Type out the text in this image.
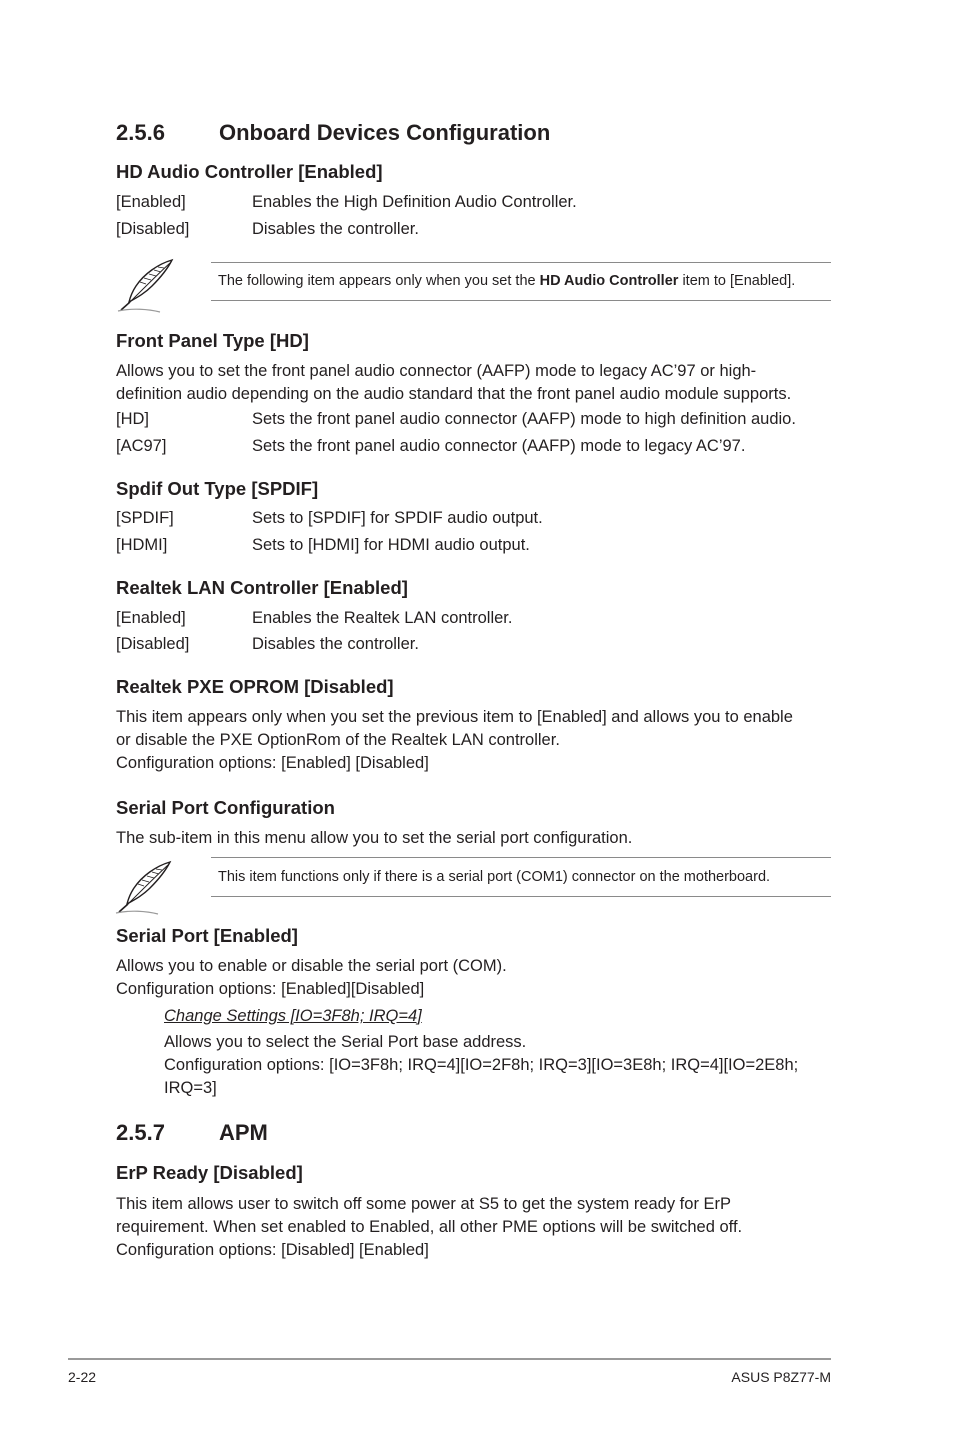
2.5.6 Onboard Devices Configuration
HD Audio Controller [Enabled]
[Enabled]	Enables the High Definition Audio Controller.
[Disabled]	Disables the controller.
The following item appears only when you set the HD Audio Controller item to [Enabled].
Front Panel Type [HD]
Allows you to set the front panel audio connector (AAFP) mode to legacy AC’97 or high-
definition audio depending on the audio standard that the front panel audio module supports.
[HD]	Sets the front panel audio connector (AAFP) mode to high definition audio.
[AC97]	Sets the front panel audio connector (AAFP) mode to legacy AC’97.
Spdif Out Type [SPDIF]
[SPDIF]	Sets to [SPDIF] for SPDIF audio output.
[HDMI]	Sets to [HDMI] for HDMI audio output.
Realtek LAN Controller [Enabled]
[Enabled]	Enables the Realtek LAN controller.
[Disabled]	Disables the controller.
Realtek PXE OPROM [Disabled]
This item appears only when you set the previous item to [Enabled] and allows you to enable
or disable the PXE OptionRom of the Realtek LAN controller.
Configuration options: [Enabled] [Disabled]
Serial Port Configuration
The sub-item in this menu allow you to set the serial port configuration.
This item functions only if there is a serial port (COM1) connector on the motherboard.
Serial Port [Enabled]
Allows you to enable or disable the serial port (COM).
Configuration options: [Enabled][Disabled]
Change Settings [IO=3F8h; IRQ=4]
Allows you to select the Serial Port base address.
Configuration options: [IO=3F8h; IRQ=4][IO=2F8h; IRQ=3][IO=3E8h; IRQ=4][IO=2E8h;
IRQ=3]
2.5.7 APM
ErP Ready [Disabled]
This item allows user to switch off some power at S5 to get the system ready for ErP
requirement. When set enabled to Enabled, all other PME options will be switched off.
Configuration options: [Disabled] [Enabled]
2-22	ASUS P8Z77-M
